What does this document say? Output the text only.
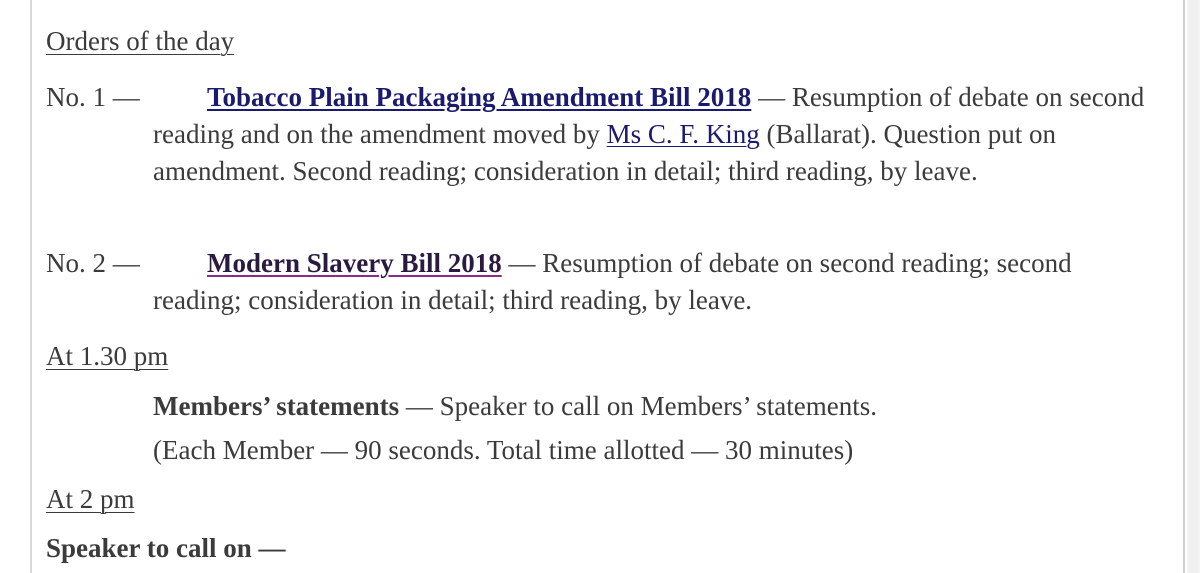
Orders of the day
No. 1 —	Tobacco Plain Packaging Amendment Bill 2018 — Resumption of debate on second reading and on the amendment moved by Ms C. F. King (Ballarat). Question put on amendment. Second reading; consideration in detail; third reading, by leave.
No. 2 —	Modern Slavery Bill 2018 — Resumption of debate on second reading; second reading; consideration in detail; third reading, by leave.
At 1.30 pm
Members’ statements — Speaker to call on Members’ statements.
(Each Member — 90 seconds. Total time allotted — 30 minutes)
At 2 pm
Speaker to call on —
